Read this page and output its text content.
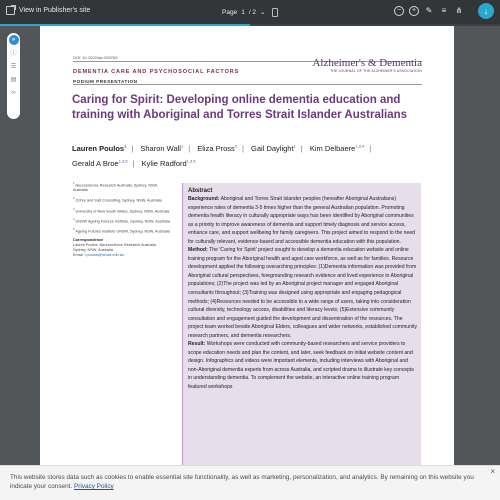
View in Publisher's site	Page 1 / 2 ⌄	−	+	✎	≡	⋔	↓
»
ⓘ
☰
▤
∞
DOI: 10.1002/alz.053769	Alzheimer's & Dementia
THE JOURNAL OF THE ALZHEIMER'S ASSOCIATION
DEMENTIA CARE AND PSYCHOSOCIAL FACTORS
PODIUM PRESENTATION
Caring for Spirit: Developing online dementia education and training with Aboriginal and Torres Strait Islander Australians
Lauren Poulos$^1$ | Sharon Wall$^1$ | Eliza Pross$^2$ | Gail Daylight$^1$ | Kim Delbaere$^{1,3,4}$ | Gerald A Broe$^{1,3,5}$ | Kylie Radford$^{1,3,5}$
$^1$ Neuroscience Research Australia, Sydney, NSW, Australia
$^2$ Ochre and Salt Consulting, Sydney, NSW, Australia
$^3$ University of New South Wales, Sydney, NSW, Australia
$^4$ UNSW Ageing Futures Institute, Sydney, NSW, Australia
$^5$ Ageing Futures Institute UNSW, Sydney, NSW, Australia
Correspondence
Lauren Poulos, Neuroscience Research Australia, Sydney, NSW, Australia.
Email: l.poulos@neura.edu.au
Abstract
Background: Aboriginal and Torres Strait Islander peoples (hereafter Aboriginal Australians) experience rates of dementia 3-5 times higher than the general Australian population. Promoting dementia health literacy in culturally appropriate ways has been identified by Aboriginal communities as a priority to improve awareness of dementia and support timely diagnosis and service access, enhance care, and support wellbeing for family caregivers. This project aimed to respond to the need for culturally relevant, evidence-based and accessible dementia education with this population.
Method: The 'Caring for Spirit' project sought to develop a dementia education website and online training program for the Aboriginal health and aged care workforce, as well as for families. Resource development applied the following overarching principles: (1)Dementia information was provided from Aboriginal cultural perspectives, foregrounding research evidence and lived experience in Aboriginal populations; (2)The project was led by an Aboriginal project manager and engaged Aboriginal consultants throughout; (3)Training was designed using appropriate and engaging pedagogical methods; (4)Resources needed to be accessible to a wide range of users, taking into consideration cultural diversity, technology access, disabilities and literacy levels; (5)Extensive community consultation and engagement guided the development and dissemination of the resources. The project team worked beside Aboriginal Elders, colleagues and wider networks, established community research partners, and dementia researchers.
Result: Workshops were conducted with community-based researchers and service providers to scope education needs and plan the content, and later, seek feedback on initial website content and design. Infographics and videos were important elements, including interviews with Aboriginal and non-Aboriginal dementia experts from across Australia, and scripted drama to illustrate key concepts in understanding dementia. To complement the website, an interactive online training program featured workshops
This website stores data such as cookies to enable essential site functionality, as well as marketing, personalization, and analytics. By remaining on this website you indicate your consent. Privacy Policy
×
